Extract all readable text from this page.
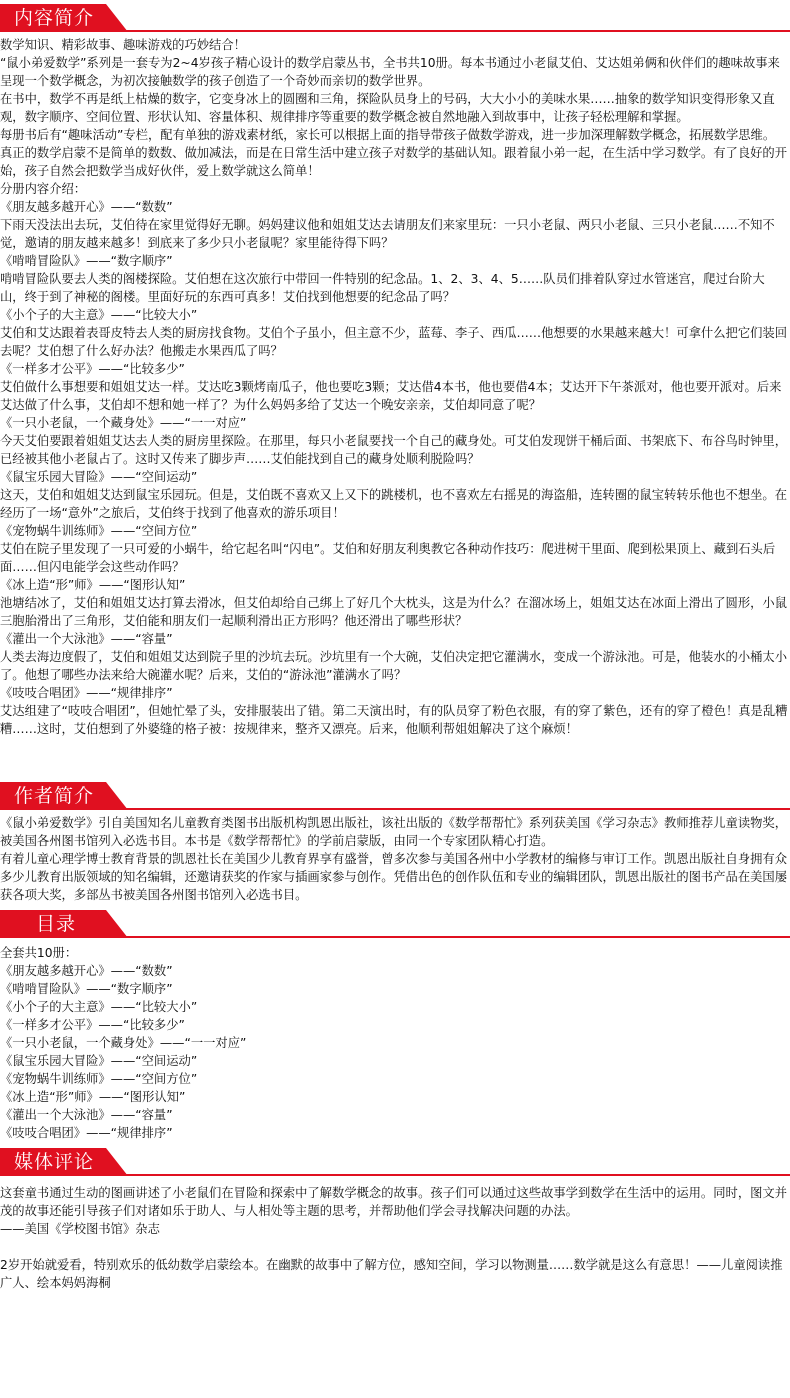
内容简介

数学知识、精彩故事、趣味游戏的巧妙结合！

“鼠小弟爱数学”系列是一套专为2~4岁孩子精心设计的数学启蒙丛书，全书共10册。每本书通过小老鼠艾伯、艾达姐弟俩和伙伴们的趣味故事来呈现一个数学概念，为初次接触数学的孩子创造了一个奇妙而亲切的数学世界。

在书中，数学不再是纸上枯燥的数字，它变身冰上的圆圈和三角，探险队员身上的号码，大大小小的美味水果……抽象的数学知识变得形象又直观，数字顺序、空间位置、形状认知、容量体积、规律排序等重要的数学概念被自然地融入到故事中，让孩子轻松理解和掌握。

每册书后有“趣味活动”专栏，配有单独的游戏素材纸，家长可以根据上面的指导带孩子做数学游戏，进一步加深理解数学概念，拓展数学思维。

真正的数学启蒙不是简单的数数、做加减法，而是在日常生活中建立孩子对数学的基础认知。跟着鼠小弟一起，在生活中学习数学。有了良好的开始，孩子自然会把数学当成好伙伴，爱上数学就这么简单！

分册内容介绍：

《朋友越多越开心》——“数数”

下雨天没法出去玩，艾伯待在家里觉得好无聊。妈妈建议他和姐姐艾达去请朋友们来家里玩：一只小老鼠、两只小老鼠、三只小老鼠……不知不觉，邀请的朋友越来越多！到底来了多少只小老鼠呢？家里能待得下吗？

《啃啃冒险队》——“数字顺序”

啃啃冒险队要去人类的阁楼探险。艾伯想在这次旅行中带回一件特别的纪念品。1、2、3、4、5……队员们排着队穿过水管迷宫，爬过台阶大山，终于到了神秘的阁楼。里面好玩的东西可真多！艾伯找到他想要的纪念品了吗？

《小个子的大主意》——“比较大小”

艾伯和艾达跟着表哥皮特去人类的厨房找食物。艾伯个子虽小，但主意不少，蓝莓、李子、西瓜……他想要的水果越来越大！可拿什么把它们装回去呢？艾伯想了什么好办法？他搬走水果西瓜了吗？

《一样多才公平》——“比较多少”

艾伯做什么事想要和姐姐艾达一样。艾达吃3颗烤南瓜子，他也要吃3颗；艾达借4本书，他也要借4本；艾达开下午茶派对，他也要开派对。后来艾达做了什么事，艾伯却不想和她一样了？为什么妈妈多给了艾达一个晚安亲亲，艾伯却同意了呢？

《一只小老鼠，一个藏身处》——“一一对应”

今天艾伯要跟着姐姐艾达去人类的厨房里探险。在那里，每只小老鼠要找一个自己的藏身处。可艾伯发现饼干桶后面、书架底下、布谷鸟时钟里，已经被其他小老鼠占了。这时又传来了脚步声……艾伯能找到自己的藏身处顺利脱险吗？

《鼠宝乐园大冒险》——“空间运动”

这天，艾伯和姐姐艾达到鼠宝乐园玩。但是，艾伯既不喜欢又上又下的跳楼机，也不喜欢左右摇晃的海盗船，连转圈的鼠宝转转乐他也不想坐。在经历了一场“意外”之旅后，艾伯终于找到了他喜欢的游乐项目！

《宠物蜗牛训练师》——“空间方位”

艾伯在院子里发现了一只可爱的小蜗牛，给它起名叫“闪电”。艾伯和好朋友利奥教它各种动作技巧：爬进树干里面、爬到松果顶上、藏到石头后面……但闪电能学会这些动作吗？

《冰上造“形”师》——“图形认知”

池塘结冰了，艾伯和姐姐艾达打算去滑冰，但艾伯却给自己绑上了好几个大枕头，这是为什么？在溜冰场上，姐姐艾达在冰面上滑出了圆形，小鼠三胞胎滑出了三角形，艾伯能和朋友们一起顺利滑出正方形吗？他还滑出了哪些形状？

《灌出一个大泳池》——“容量”

人类去海边度假了，艾伯和姐姐艾达到院子里的沙坑去玩。沙坑里有一个大碗，艾伯决定把它灌满水，变成一个游泳池。可是，他装水的小桶太小了。他想了哪些办法来给大碗灌水呢？后来，艾伯的“游泳池”灌满水了吗？

《吱吱合唱团》——“规律排序”

艾达组建了“吱吱合唱团”，但她忙晕了头，安排服装出了错。第二天演出时，有的队员穿了粉色衣服，有的穿了紫色，还有的穿了橙色！真是乱糟糟……这时，艾伯想到了外婆缝的格子被：按规律来，整齐又漂亮。后来，他顺利帮姐姐解决了这个麻烦！

作者简介

《鼠小弟爱数学》引自美国知名儿童教育类图书出版机构凯恩出版社，该社出版的《数学帮帮忙》系列获美国《学习杂志》教师推荐儿童读物奖，被美国各州图书馆列入必选书目。本书是《数学帮帮忙》的学前启蒙版，由同一个专家团队精心打造。

有着儿童心理学博士教育背景的凯恩社长在美国少儿教育界享有盛誉，曾多次参与美国各州中小学教材的编修与审订工作。凯恩出版社自身拥有众多少儿教育出版领域的知名编辑，还邀请获奖的作家与插画家参与创作。凭借出色的创作队伍和专业的编辑团队，凯恩出版社的图书产品在美国屡获各项大奖，多部丛书被美国各州图书馆列入必选书目。

目录

全套共10册：

《朋友越多越开心》——“数数”

《啃啃冒险队》——“数字顺序”

《小个子的大主意》——“比较大小”

《一样多才公平》——“比较多少”

《一只小老鼠，一个藏身处》——“一一对应”

《鼠宝乐园大冒险》——“空间运动”

《宠物蜗牛训练师》——“空间方位”

《冰上造“形”师》——“图形认知”

《灌出一个大泳池》——“容量”

《吱吱合唱团》——“规律排序”

媒体评论

这套童书通过生动的图画讲述了小老鼠们在冒险和探索中了解数学概念的故事。孩子们可以通过这些故事学到数学在生活中的运用。同时，图文并茂的故事还能引导孩子们对诸如乐于助人、与人相处等主题的思考，并帮助他们学会寻找解决问题的办法。

——美国《学校图书馆》杂志

2岁开始就爱看，特别欢乐的低幼数学启蒙绘本。在幽默的故事中了解方位，感知空间，学习以物测量……数学就是这么有意思！——儿童阅读推广人、绘本妈妈海桐
